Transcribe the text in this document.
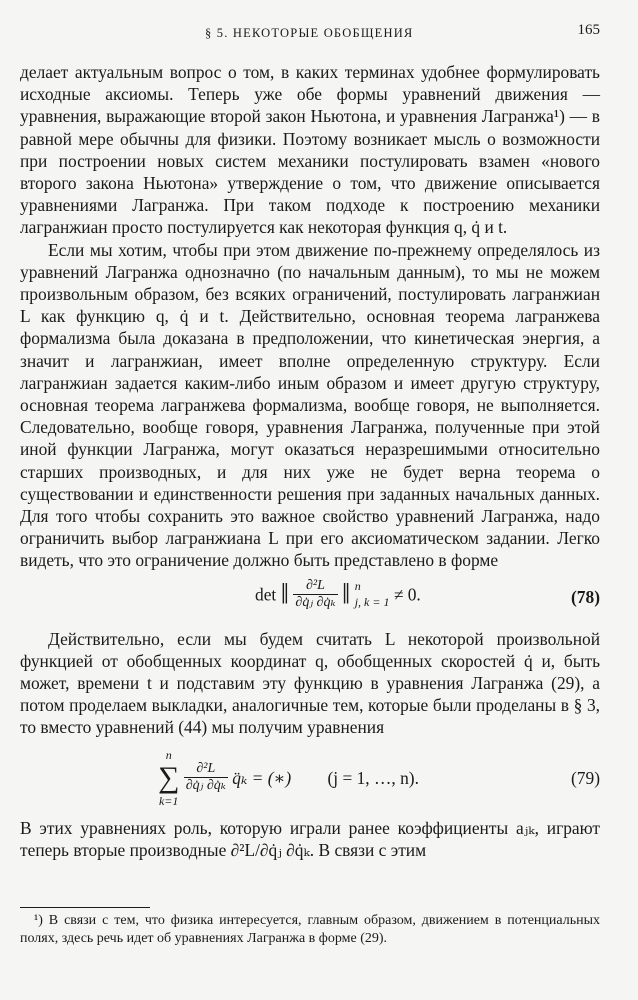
§ 5. НЕКОТОРЫЕ ОБОБЩЕНИЯ	165

делает актуальным вопрос о том, в каких терминах удобнее формулировать исходные аксиомы. Теперь уже обе формы уравнений движения — уравнения, выражающие второй закон Ньютона, и уравнения Лагранжа¹) — в равной мере обычны для физики. Поэтому возникает мысль о возможности при построении новых систем механики постулировать взамен «нового второго закона Ньютона» утверждение о том, что движение описывается уравнениями Лагранжа. При таком подходе к построению механики лагранжиан просто постулируется как некоторая функция q, q̇ и t.

Если мы хотим, чтобы при этом движение по-прежнему определялось из уравнений Лагранжа однозначно (по начальным данным), то мы не можем произвольным образом, без всяких ограничений, постулировать лагранжиан L как функцию q, q̇ и t. Действительно, основная теорема лагранжева формализма была доказана в предположении, что кинетическая энергия, а значит и лагранжиан, имеет вполне определенную структуру. Если лагранжиан задается каким-либо иным образом и имеет другую структуру, основная теорема лагранжева формализма, вообще говоря, не выполняется. Следовательно, вообще говоря, уравнения Лагранжа, полученные при этой иной функции Лагранжа, могут оказаться неразрешимыми относительно старших производных, и для них уже не будет верна теорема о существовании и единственности решения при заданных начальных данных. Для того чтобы сохранить это важное свойство уравнений Лагранжа, надо ограничить выбор лагранжиана L при его аксиоматическом задании. Легко видеть, что это ограничение должно быть представлено в форме

det ‖ $\frac{\text{∂²L}}{\text{∂q̇ⱼ ∂q̇ₖ}}$ ‖ n
j, k = 1 ≠ 0.	(78)

Действительно, если мы будем считать L некоторой произвольной функцией от обобщенных координат q, обобщенных скоростей q̇ и, быть может, времени t и подставим эту функцию в уравнения Лагранжа (29), а потом проделаем выкладки, аналогичные тем, которые были проделаны в § 3, то вместо уравнений (44) мы получим уравнения

n
∑
k=1

$\frac{\text{∂²L}}{\text{∂q̇ⱼ ∂q̇ₖ}}$ q̈ₖ = (∗) (j = 1, …, n).	(79)

В этих уравнениях роль, которую играли ранее коэффициенты aⱼₖ, играют теперь вторые производные ∂²L/∂q̇ⱼ ∂q̇ₖ. В связи с этим

¹) В связи с тем, что физика интересуется, главным образом, движением в потенциальных полях, здесь речь идет об уравнениях Лагранжа в форме (29).
